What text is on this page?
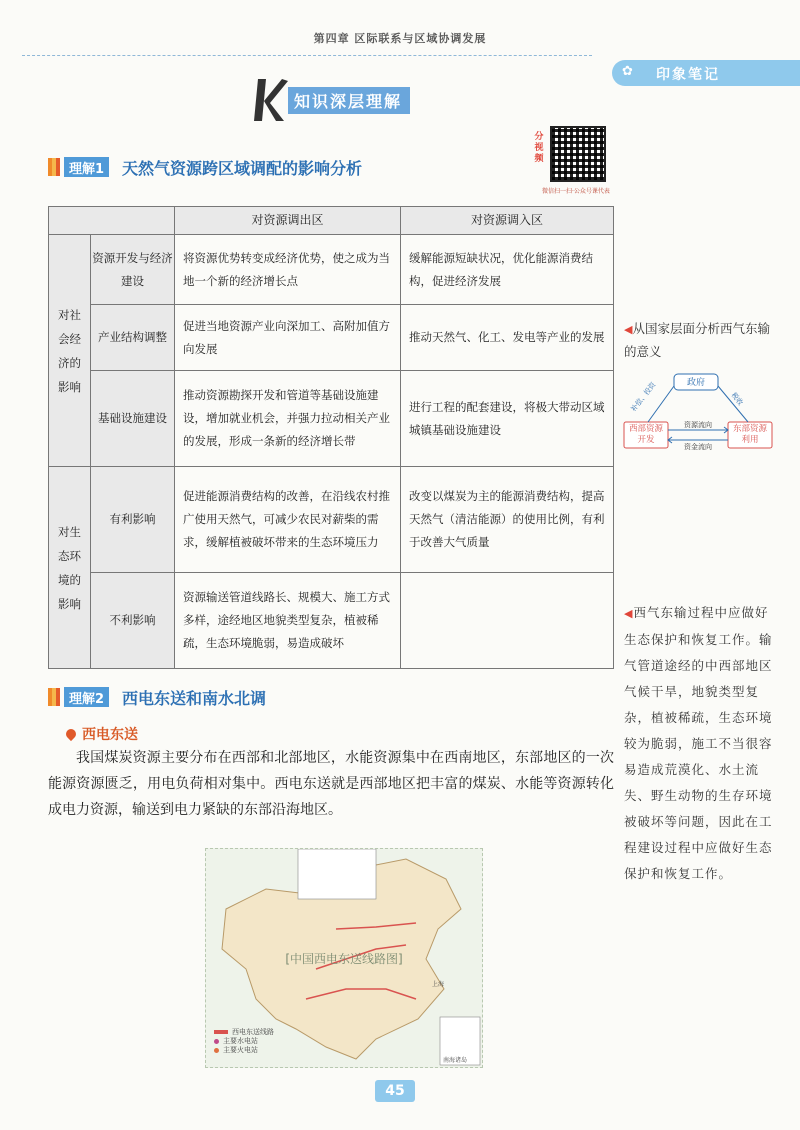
第四章 区际联系与区域协调发展
✿ 印象笔记
知识深层理解
分视频
微信扫一扫·公众号课代表
理解1	天然气资源跨区域调配的影响分析
		对资源调出区	对资源调入区
对社会经济的影响	资源开发与经济建设	将资源优势转变成经济优势，使之成为当地一个新的经济增长点	缓解能源短缺状况，优化能源消费结构，促进经济发展
	产业结构调整	促进当地资源产业向深加工、高附加值方向发展	推动天然气、化工、发电等产业的发展
	基础设施建设	推动资源勘探开发和管道等基础设施建设，增加就业机会，并强力拉动相关产业的发展，形成一条新的经济增长带	进行工程的配套建设，将极大带动区域城镇基础设施建设
对生态环境的影响	有利影响	促进能源消费结构的改善，在沿线农村推广使用天然气，可减少农民对薪柴的需求，缓解植被破坏带来的生态环境压力	改变以煤炭为主的能源消费结构，提高天然气（清洁能源）的使用比例，有利于改善大气质量
	不利影响	资源输送管道线路长、规模大、施工方式多样，途经地区地貌类型复杂，植被稀疏，生态环境脆弱，易造成破坏	
理解2	西电东送和南水北调
西电东送
我国煤炭资源主要分布在西部和北部地区，水能资源集中在西南地区，东部地区的一次能源资源匮乏，用电负荷相对集中。西电东送就是西部地区把丰富的煤炭、水能等资源转化成电力资源，输送到电力紧缺的东部沿海地区。
[中国西电东送线路图]
上海
南海诸岛
西电东送线路
主要水电站
主要火电站
45
◀从国家层面分析西气东输的意义
政府
西部资源开发
东部资源利用
资源流向
资金流向
补偿、投资	税收
◀西气东输过程中应做好生态保护和恢复工作。输气管道途经的中西部地区气候干旱，地貌类型复杂，植被稀疏，生态环境较为脆弱，施工不当很容易造成荒漠化、水土流失、野生动物的生存环境被破坏等问题，因此在工程建设过程中应做好生态保护和恢复工作。
